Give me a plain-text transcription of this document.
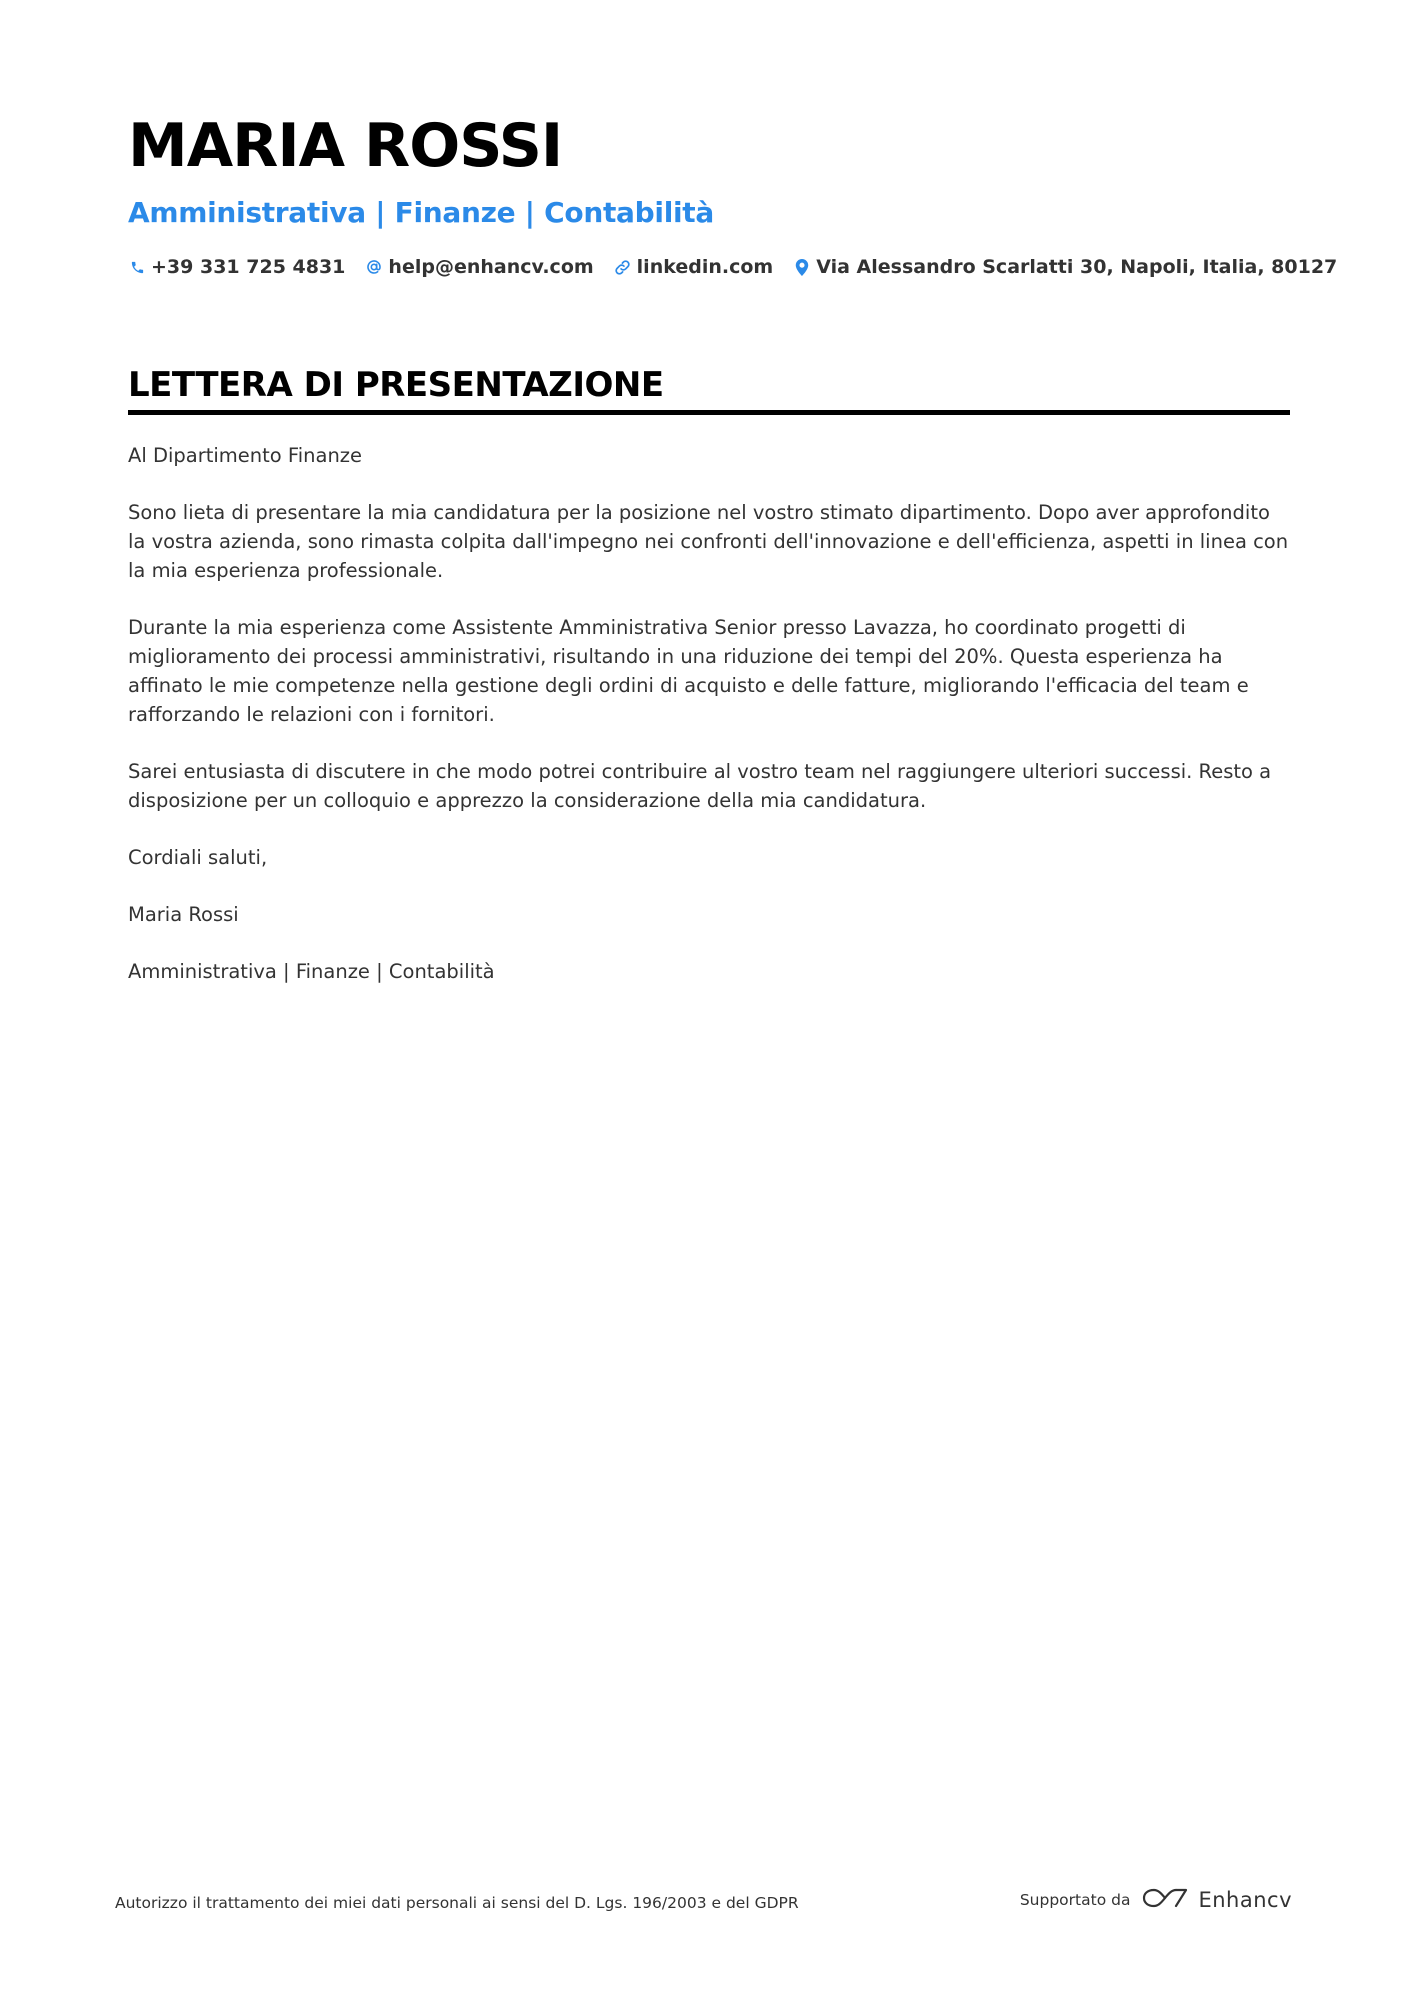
MARIA ROSSI
Amministrativa | Finanze | Contabilità
+39 331 725 4831 help@enhancv.com linkedin.com Via Alessandro Scarlatti 30, Napoli, Italia, 80127
LETTERA DI PRESENTAZIONE

Al Dipartimento Finanze

Sono lieta di presentare la mia candidatura per la posizione nel vostro stimato dipartimento. Dopo aver approfondito la vostra azienda, sono rimasta colpita dall'impegno nei confronti dell'innovazione e dell'efficienza, aspetti in linea con la mia esperienza professionale.

Durante la mia esperienza come Assistente Amministrativa Senior presso Lavazza, ho coordinato progetti di miglioramento dei processi amministrativi, risultando in una riduzione dei tempi del 20%. Questa esperienza ha affinato le mie competenze nella gestione degli ordini di acquisto e delle fatture, migliorando l'efficacia del team e rafforzando le relazioni con i fornitori.

Sarei entusiasta di discutere in che modo potrei contribuire al vostro team nel raggiungere ulteriori successi. Resto a disposizione per un colloquio e apprezzo la considerazione della mia candidatura.

Cordiali saluti,

Maria Rossi

Amministrativa | Finanze | Contabilità

Autorizzo il trattamento dei miei dati personali ai sensi del D. Lgs. 196/2003 e del GDPR	Supportato da	Enhancv
